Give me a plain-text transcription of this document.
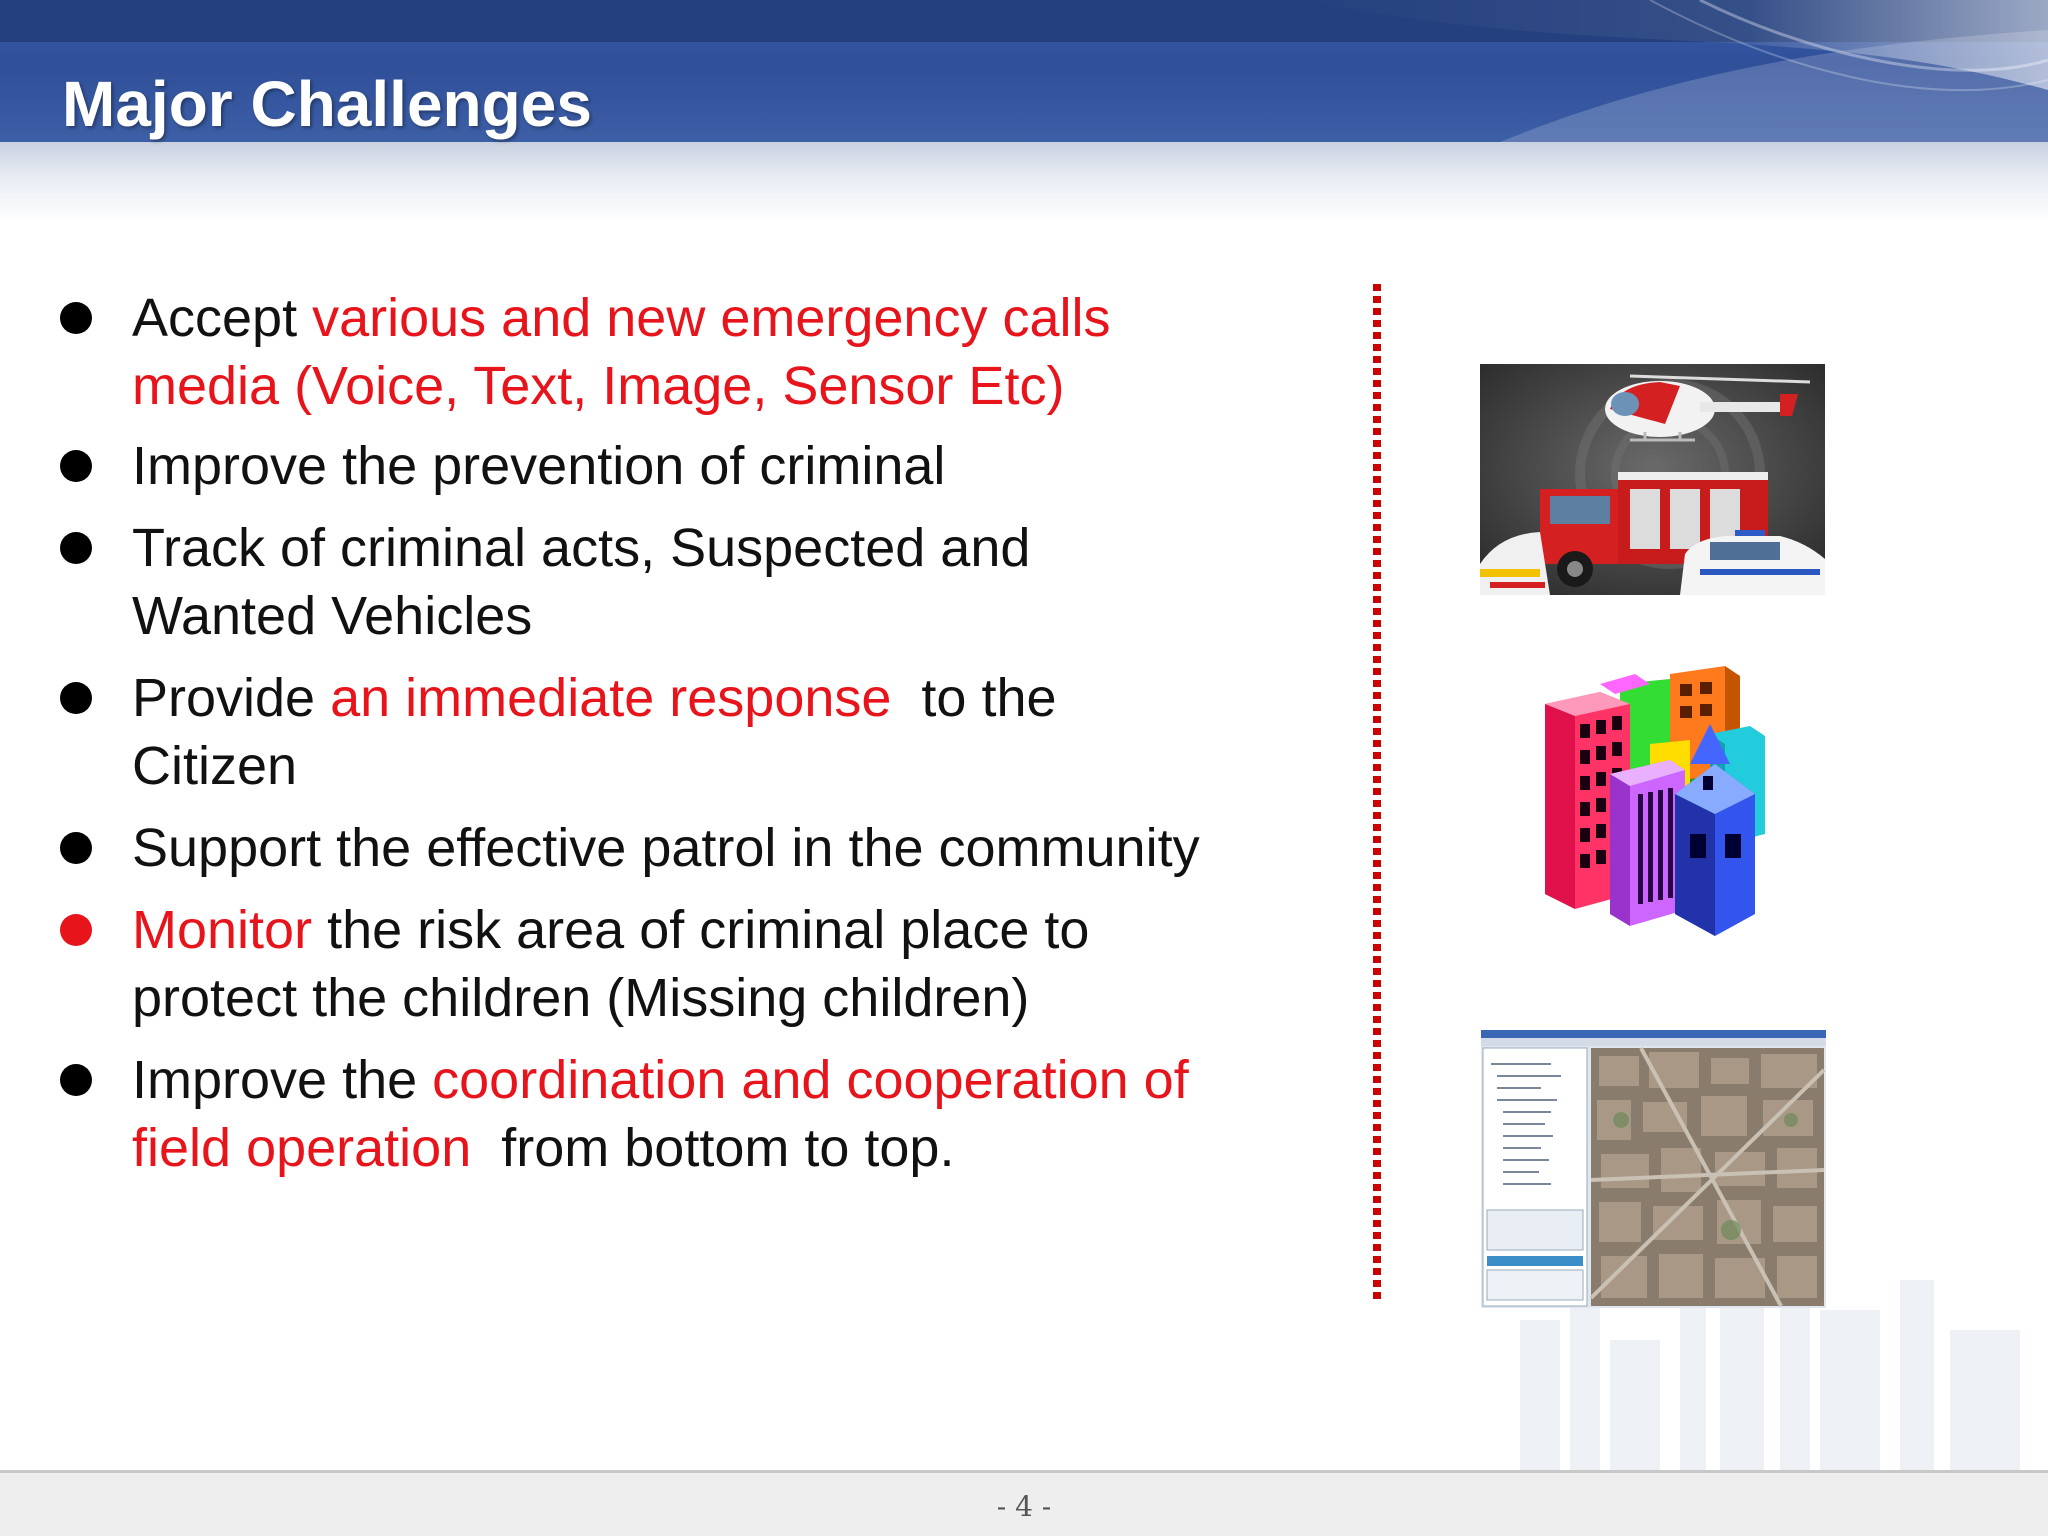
Major Challenges
Accept various and new emergency calls
media (Voice, Text, Image, Sensor Etc)
Improve the prevention of criminal
Track of criminal acts, Suspected and
Wanted Vehicles
Provide an immediate response  to the
Citizen
Support the effective patrol in the community
Monitor the risk area of criminal place to
protect the children (Missing children)
Improve the coordination and cooperation of
field operation  from bottom to top.
- 4 -
